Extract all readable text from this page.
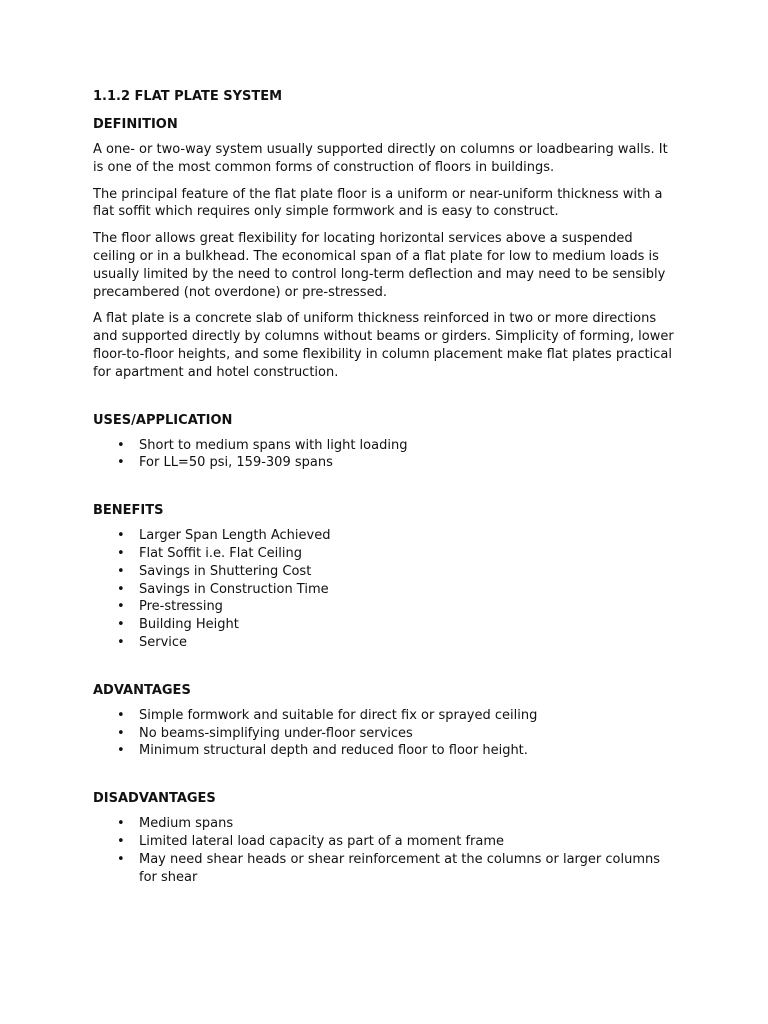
1.1.2 FLAT PLATE SYSTEM
DEFINITION

A one- or two-way system usually supported directly on columns or loadbearing walls. It is one of the most common forms of construction of floors in buildings.

The principal feature of the flat plate floor is a uniform or near-uniform thickness with a flat soffit which requires only simple formwork and is easy to construct.

The floor allows great flexibility for locating horizontal services above a suspended ceiling or in a bulkhead. The economical span of a flat plate for low to medium loads is usually limited by the need to control long-term deflection and may need to be sensibly precambered (not overdone) or pre-stressed.

A flat plate is a concrete slab of uniform thickness reinforced in two or more directions and supported directly by columns without beams or girders. Simplicity of forming, lower floor-to-floor heights, and some flexibility in column placement make flat plates practical for apartment and hotel construction.

USES/APPLICATION
• Short to medium spans with light loading
• For LL=50 psi, 159-309 spans
BENEFITS
• Larger Span Length Achieved
• Flat Soffit i.e. Flat Ceiling
• Savings in Shuttering Cost
• Savings in Construction Time
• Pre-stressing
• Building Height
• Service
ADVANTAGES
• Simple formwork and suitable for direct fix or sprayed ceiling
• No beams-simplifying under-floor services
• Minimum structural depth and reduced floor to floor height.
DISADVANTAGES
• Medium spans
• Limited lateral load capacity as part of a moment frame
• May need shear heads or shear reinforcement at the columns or larger columns for shear
